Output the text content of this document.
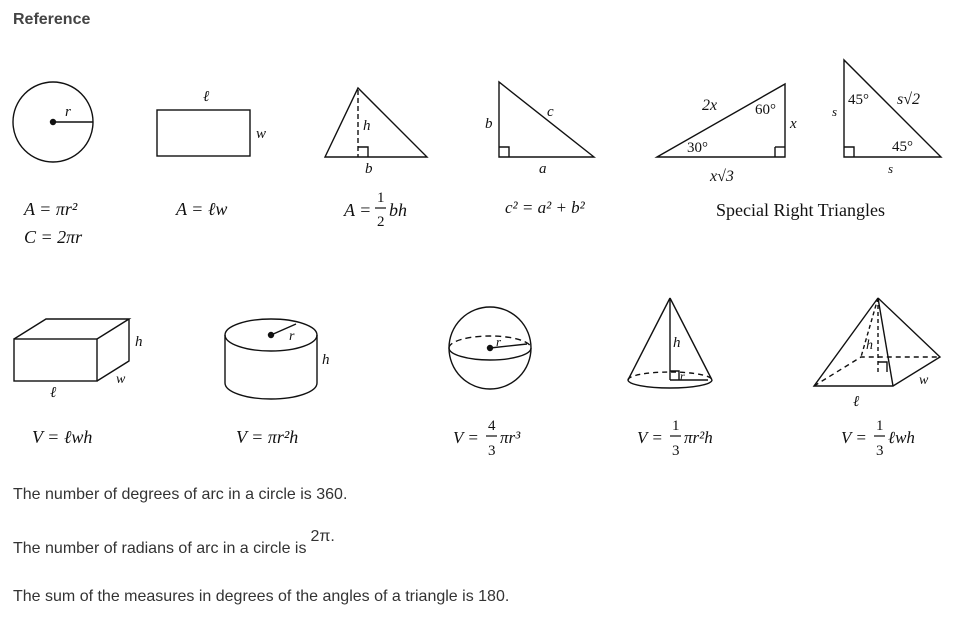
Reference
r
A = πr²
C = 2πr
ℓ
w
A = ℓw
h
b
A =
1
2
bh
b
c
a
c² = a² + b²
2x	60°
x
30°
x√3
s
45° s√2
45°
s
Special Right Triangles
h
w
ℓ
V = ℓwh
r
h
V = πr²h
r
V =
4
3
πr³
h
r
V =
1
3
πr²h
h
w
ℓ
V =
1
3
ℓwh
The number of degrees of arc in a circle is 360.
The number of radians of arc in a circle is2π.
The sum of the measures in degrees of the angles of a triangle is 180.
